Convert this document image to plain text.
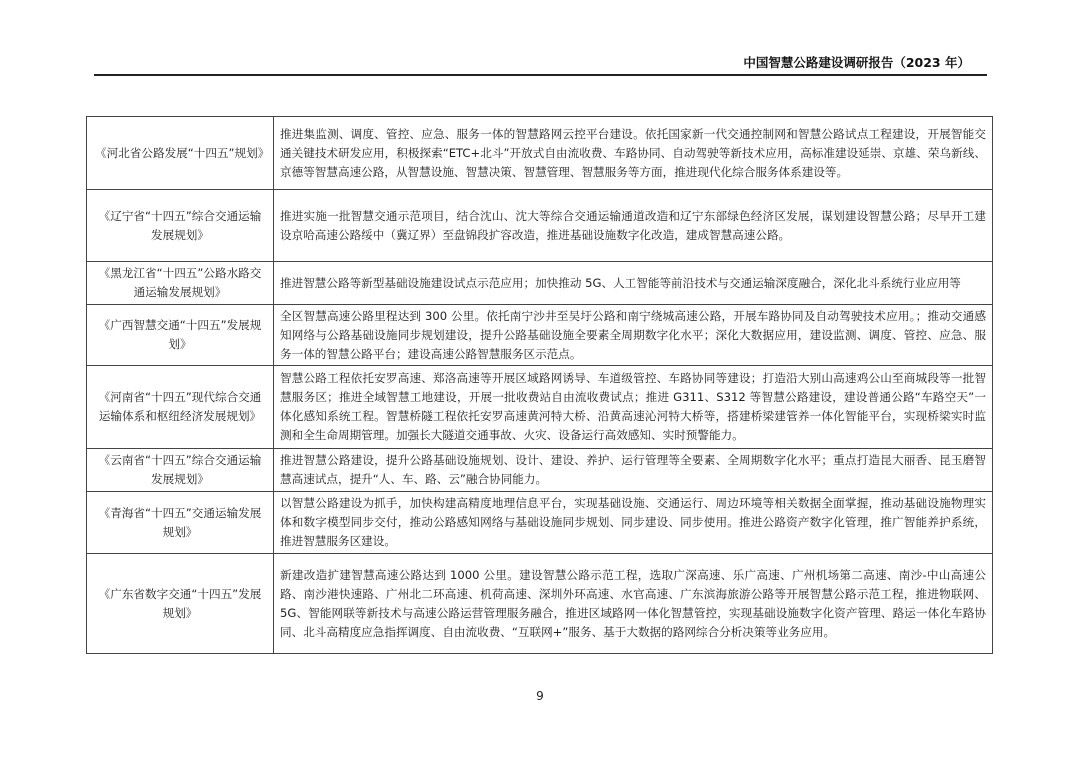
中国智慧公路建设调研报告（2023 年）
《河北省公路发展“十四五”规划》	推进集监测、调度、管控、应急、服务一体的智慧路网云控平台建设。依托国家新一代交通控制网和智慧公路试点工程建设，开展智能交通关键技术研发应用，积极探索“ETC+北斗”开放式自由流收费、车路协同、自动驾驶等新技术应用，高标准建设延崇、京雄、荣乌新线、京德等智慧高速公路，从智慧设施、智慧决策、智慧管理、智慧服务等方面，推进现代化综合服务体系建设等。
《辽宁省“十四五”综合交通运输发展规划》	推进实施一批智慧交通示范项目，结合沈山、沈大等综合交通运输通道改造和辽宁东部绿色经济区发展，谋划建设智慧公路；尽早开工建设京哈高速公路绥中（冀辽界）至盘锦段扩容改造，推进基础设施数字化改造，建成智慧高速公路。
《黑龙江省“十四五”公路水路交通运输发展规划》	推进智慧公路等新型基础设施建设试点示范应用；加快推动 5G、人工智能等前沿技术与交通运输深度融合，深化北斗系统行业应用等
《广西智慧交通“十四五”发展规划》	全区智慧高速公路里程达到 300 公里。依托南宁沙井至吴圩公路和南宁绕城高速公路，开展车路协同及自动驾驶技术应用。；推动交通感知网络与公路基础设施同步规划建设，提升公路基础设施全要素全周期数字化水平；深化大数据应用，建设监测、调度、管控、应急、服务一体的智慧公路平台；建设高速公路智慧服务区示范点。
《河南省“十四五”现代综合交通运输体系和枢纽经济发展规划》	智慧公路工程依托安罗高速、郑洛高速等开展区域路网诱导、车道级管控、车路协同等建设；打造沿大别山高速鸡公山至商城段等一批智慧服务区；推进全域智慧工地建设，开展一批收费站自由流收费试点；推进 G311、S312 等智慧公路建设，建设普通公路“车路空天”一体化感知系统工程。智慧桥隧工程依托安罗高速黄河特大桥、沿黄高速沁河特大桥等，搭建桥梁建管养一体化智能平台，实现桥梁实时监测和全生命周期管理。加强长大隧道交通事故、火灾、设备运行高效感知、实时预警能力。
《云南省“十四五”综合交通运输发展规划》	推进智慧公路建设，提升公路基础设施规划、设计、建设、养护、运行管理等全要素、全周期数字化水平；重点打造昆大丽香、昆玉磨智慧高速试点，提升“人、车、路、云”融合协同能力。
《青海省“十四五”交通运输发展规划》	以智慧公路建设为抓手，加快构建高精度地理信息平台，实现基础设施、交通运行、周边环境等相关数据全面掌握，推动基础设施物理实体和数字模型同步交付，推动公路感知网络与基础设施同步规划、同步建设、同步使用。推进公路资产数字化管理，推广智能养护系统，推进智慧服务区建设。
《广东省数字交通“十四五”发展规划》	新建改造扩建智慧高速公路达到 1000 公里。建设智慧公路示范工程，选取广深高速、乐广高速、广州机场第二高速、南沙-中山高速公路、南沙港快速路、广州北二环高速、机荷高速、深圳外环高速、水官高速、广东滨海旅游公路等开展智慧公路示范工程，推进物联网、5G、智能网联等新技术与高速公路运营管理服务融合，推进区域路网一体化智慧管控，实现基础设施数字化资产管理、路运一体化车路协同、北斗高精度应急指挥调度、自由流收费、“互联网+”服务、基于大数据的路网综合分析决策等业务应用。
9
